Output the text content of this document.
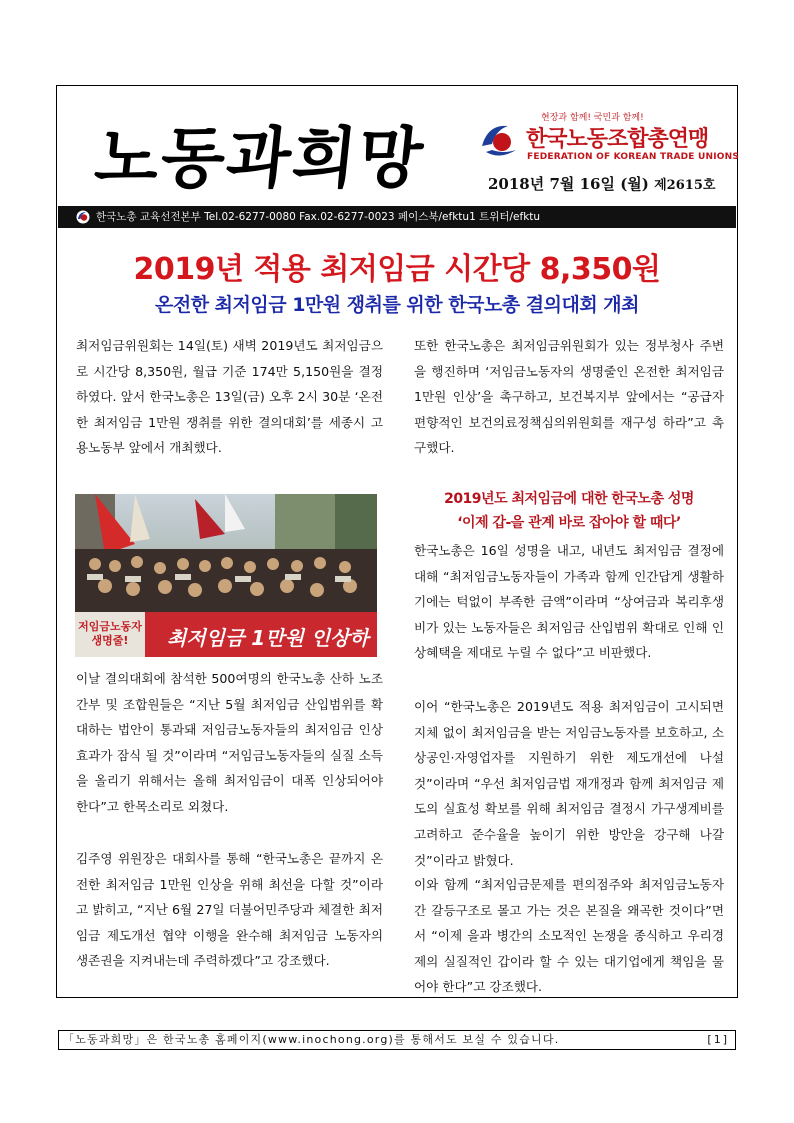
노동과희망
현장과 함께! 국민과 함께!
한국노동조합총연맹
FEDERATION OF KOREAN TRADE UNIONS
2018년 7월 16일 (월) 제2615호
한국노총 교육선전본부 Tel.02-6277-0080 Fax.02-6277-0023 페이스북/efktu1 트위터/efktu
2019년 적용 최저임금 시간당 8,350원
온전한 최저임금 1만원 쟁취를 위한 한국노총 결의대회 개최
최저임금위원회는 14일(토) 새벽 2019년도 최저임금으로 시간당 8,350원, 월급 기준 174만 5,150원을 결정하였다. 앞서 한국노총은 13일(금) 오후 2시 30분 ‘온전한 최저임금 1만원 쟁취를 위한 결의대회’를 세종시 고용노동부 앞에서 개최했다.
저임금노동자 생명줄!	최저임금 1만원 인상하
이날 결의대회에 참석한 500여명의 한국노총 산하 노조간부 및 조합원들은 “지난 5월 최저임금 산입범위를 확대하는 법안이 통과돼 저임금노동자들의 최저임금 인상효과가 잠식 될 것”이라며 “저임금노동자들의 실질 소득을 올리기 위해서는 올해 최저임금이 대폭 인상되어야 한다”고 한목소리로 외쳤다.
김주영 위원장은 대회사를 통해 “한국노총은 끝까지 온전한 최저임금 1만원 인상을 위해 최선을 다할 것”이라고 밝히고, “지난 6월 27일 더불어민주당과 체결한 최저임금 제도개선 협약 이행을 완수해 최저임금 노동자의 생존권을 지켜내는데 주력하겠다”고 강조했다.
또한 한국노총은 최저임금위원회가 있는 정부청사 주변을 행진하며 ‘저임금노동자의 생명줄인 온전한 최저임금 1만원 인상’을 촉구하고, 보건복지부 앞에서는 “공급자 편향적인 보건의료정책심의위원회를 재구성 하라”고 촉구했다.
2019년도 최저임금에 대한 한국노총 성명
‘이제 갑-을 관계 바로 잡아야 할 때다’
한국노총은 16일 성명을 내고, 내년도 최저임금 결정에 대해 “최저임금노동자들이 가족과 함께 인간답게 생활하기에는 턱없이 부족한 금액”이라며 “상여금과 복리후생비가 있는 노동자들은 최저임금 산입범위 확대로 인해 인상혜택을 제대로 누릴 수 없다”고 비판했다.
이어 “한국노총은 2019년도 적용 최저임금이 고시되면 지체 없이 최저임금을 받는 저임금노동자를 보호하고, 소상공인·자영업자를 지원하기 위한 제도개선에 나설 것”이라며 “우선 최저임금법 재개정과 함께 최저임금 제도의 실효성 확보를 위해 최저임금 결정시 가구생계비를 고려하고 준수율을 높이기 위한 방안을 강구해 나갈 것”이라고 밝혔다.
이와 함께 “최저임금문제를 편의점주와 최저임금노동자간 갈등구조로 몰고 가는 것은 본질을 왜곡한 것이다”면서 “이제 을과 병간의 소모적인 논쟁을 종식하고 우리경제의 실질적인 갑이라 할 수 있는 대기업에게 책임을 물어야 한다”고 강조했다.
「노동과희망」은 한국노총 홈페이지(www.inochong.org)를 통해서도 보실 수 있습니다.	[1]
